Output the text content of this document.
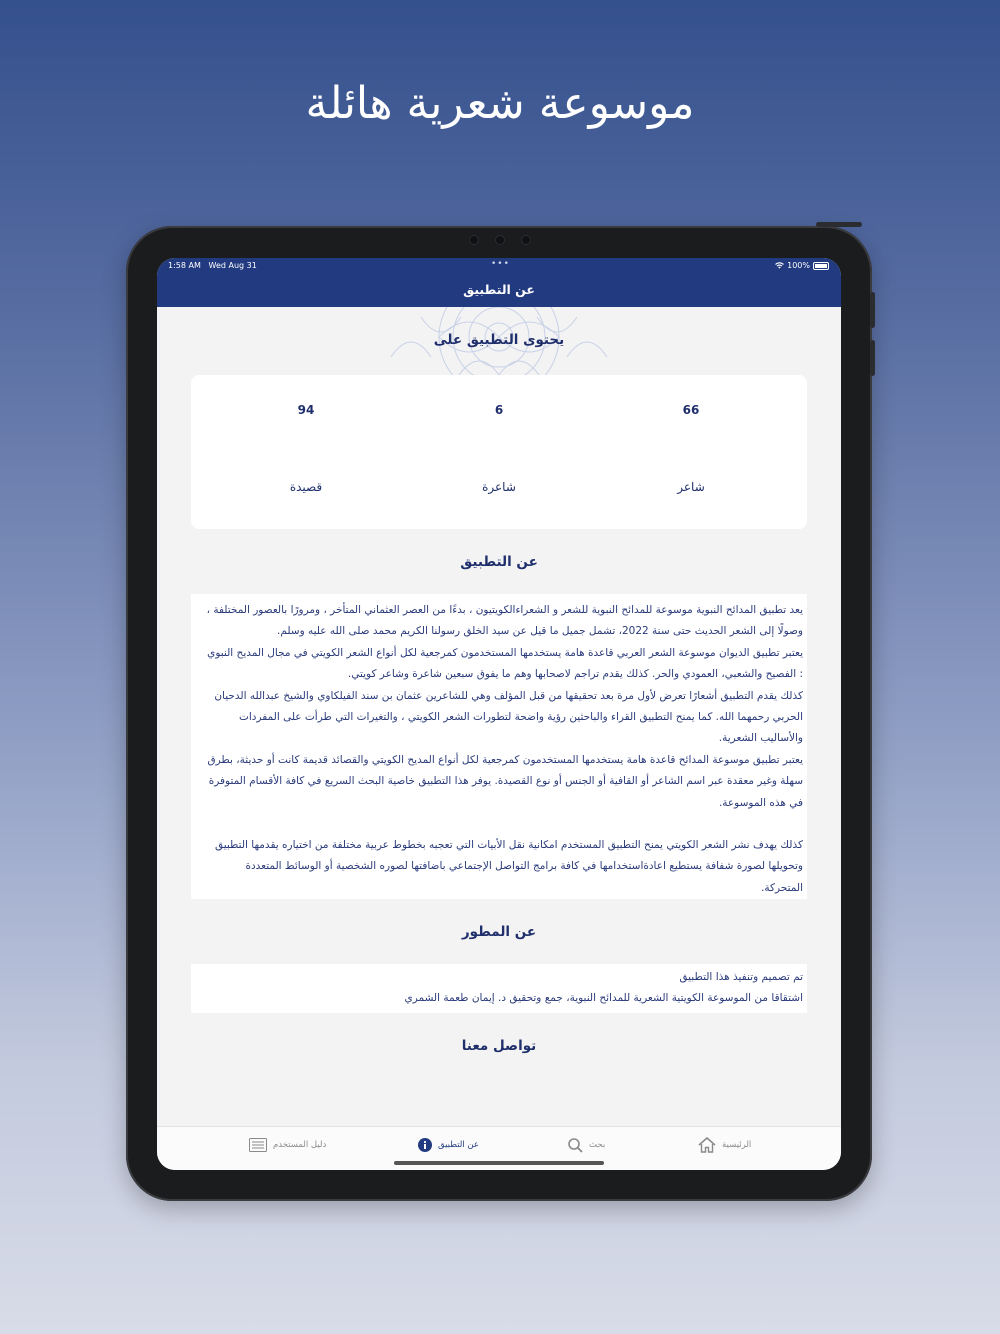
موسوعة شعرية هائلة
1:58 AM Wed Aug 31	•••	100%
عن التطبيق
يحتوى التطبيق على
94
قصيدة
6
شاعرة
66
شاعر
عن التطبيق

يعد تطبيق المدائح النبوية موسوعة للمدائح النبوية للشعر و الشعراءالكويتيون ، بدءًا من العصر العثماني المتأخر ، ومرورًا بالعصور المختلفة ، وصولًا إلى الشعر الحديث حتى سنة 2022، تشمل جميل ما قيل عن سيد الخلق رسولنا الكريم محمد صلى الله عليه وسلم.

يعتبر تطبيق الديوان موسوعة الشعر العربي قاعدة هامة يستخدمها المستخدمون كمرجعية لكل أنواع الشعر الكويتي في مجال المديح النبوي : الفصيح والشعبي، العمودي والحر. كذلك يقدم تراجم لاصحابها وهم ما يفوق سبعين شاعرة وشاعر كويتي.

كذلك يقدم التطبيق أشعارًا تعرض لأول مرة بعد تحقيقها من قبل المؤلف وهي للشاعرين عثمان بن سند الفيلكاوي والشيخ عبدالله الدحيان الحربي رحمهما الله. كما يمنح التطبيق القراء والباحثين رؤية واضحة لتطورات الشعر الكويتي ، والتغيرات التي طرأت على المفردات والأساليب الشعرية.

يعتبر تطبيق موسوعة المدائح قاعدة هامة يستخدمها المستخدمون كمرجعية لكل أنواع المديح الكويتي والقصائد قديمة كانت أو حديثة، بطرق سهلة وغير معقدة عبر اسم الشاعر أو القافية أو الجنس أو نوع القصيدة. يوفر هذا التطبيق خاصية البحث السريع في كافة الأقسام المتوفرة في هذه الموسوعة.

كذلك يهدف نشر الشعر الكويتي يمنح التطبيق المستخدم امكانية نقل الأبيات التي تعجبه بخطوط عربية مختلفة من اختياره يقدمها التطبيق وتحويلها لصورة شفافة يستطيع اعادةاستخدامها في كافة برامج التواصل الإجتماعي باضافتها لصوره الشخصية أو الوسائط المتعددة المتحركة.

عن المطور

تم تصميم وتنفيذ هذا التطبيق

اشتقاقا من الموسوعة الكويتية الشعرية للمدائح النبوية، جمع وتحقيق د. إيمان طعمة الشمري

تواصل معنا
دليل المستخدم	عن التطبيق	بحث	الرئيسية
